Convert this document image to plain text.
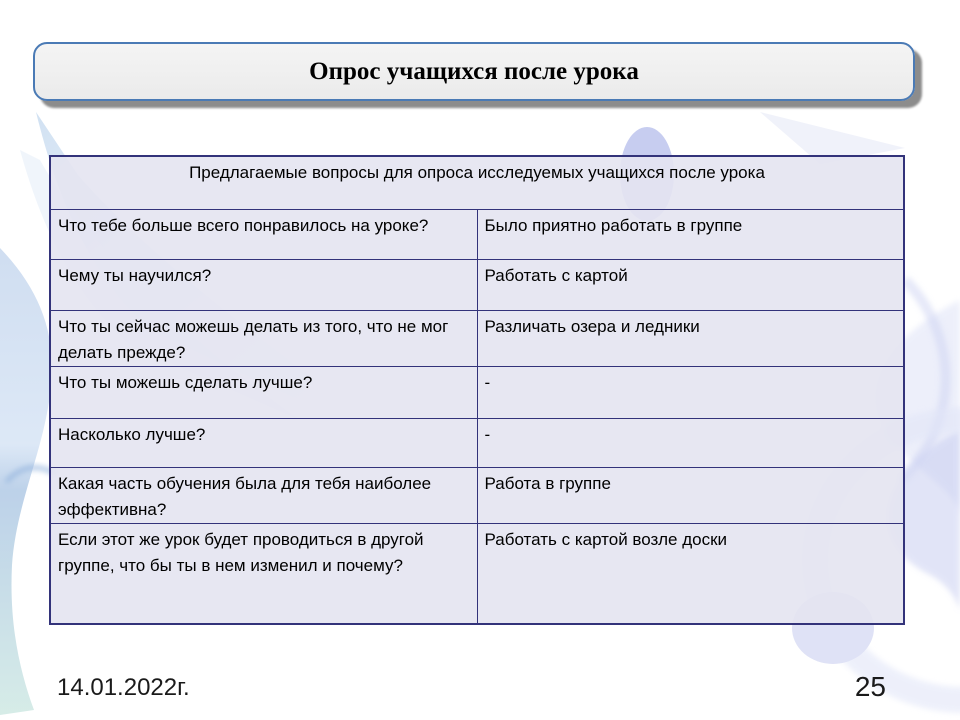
Опрос учащихся после урока
Предлагаемые вопросы для опроса исследуемых учащихся после урока	
Что тебе больше всего понравилось на уроке?	Было приятно работать в группе
Чему ты научился?	Работать с картой
Что ты сейчас можешь делать из того, что не мог делать прежде?	Различать озера и ледники
Что ты можешь сделать лучше?	-
Насколько лучше?	-
Какая часть обучения была для тебя наиболее эффективна?	Работа в группе
Если этот же урок будет проводиться в другой группе, что бы ты в нем изменил и почему?	Работать с картой возле доски
14.01.2022г.	25
